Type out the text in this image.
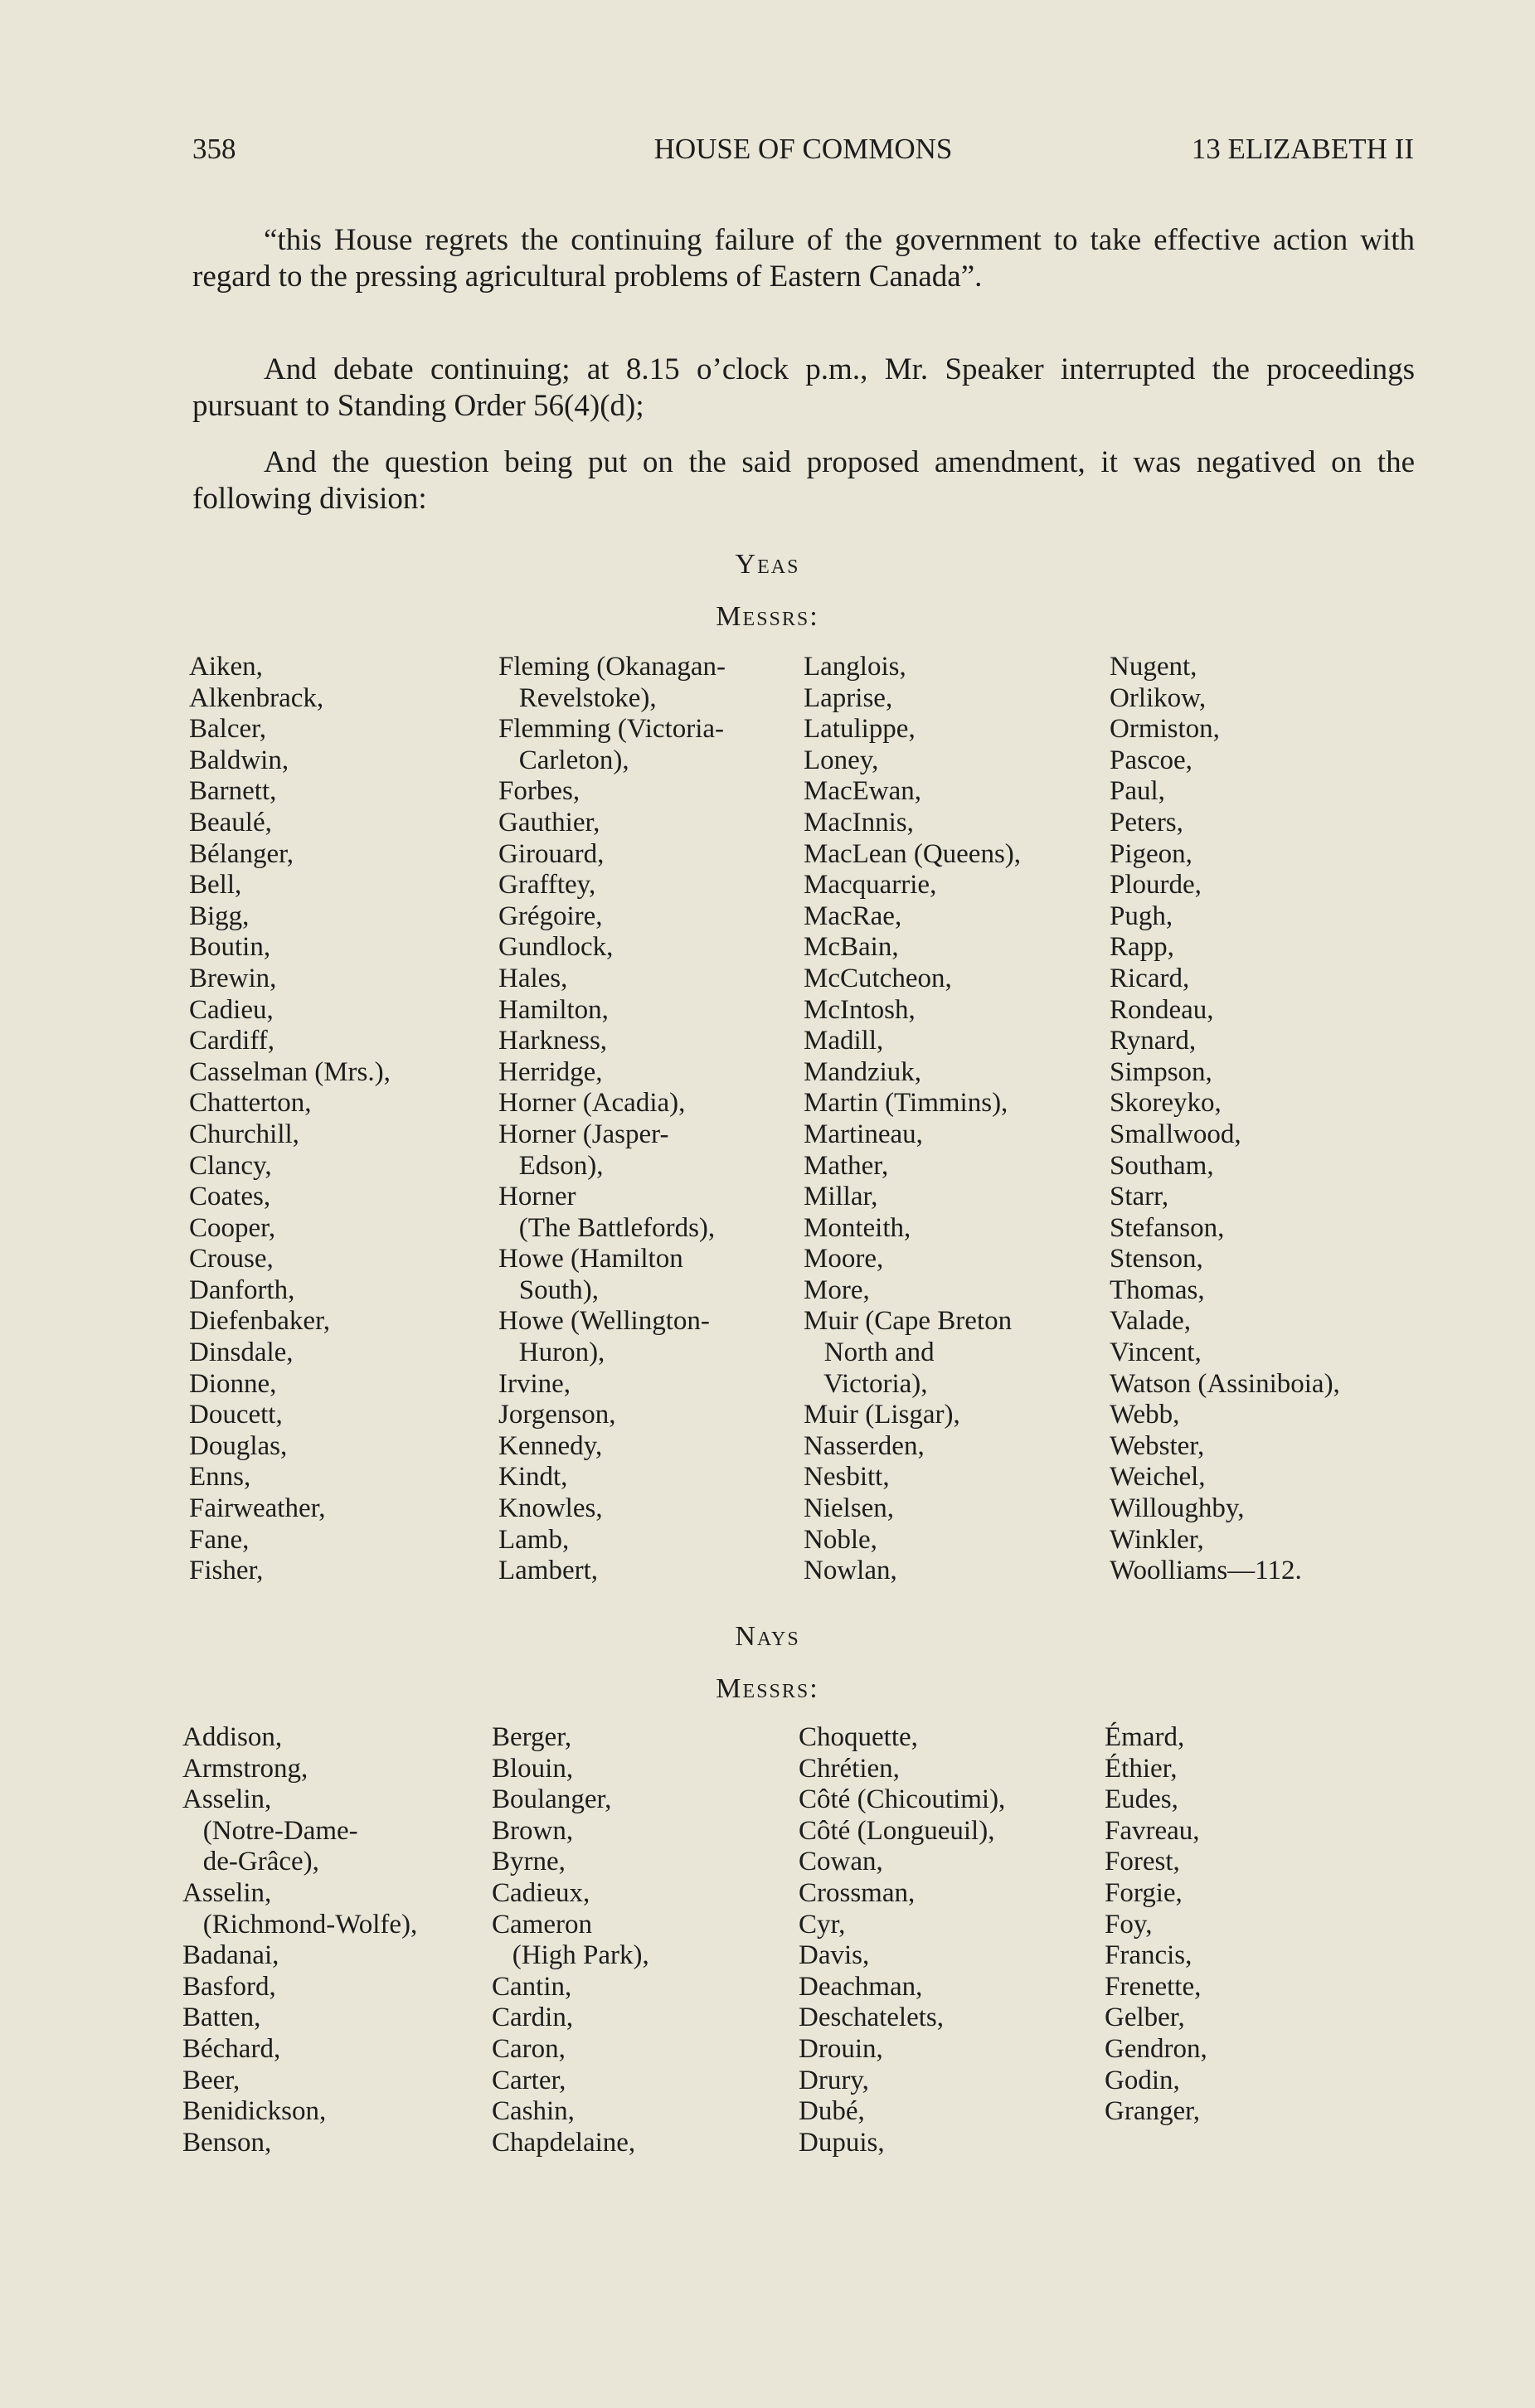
358	HOUSE OF COMMONS	13 ELIZABETH II

“this House regrets the continuing failure of the government to take effective action with regard to the pressing agricultural problems of Eastern Canada”.

And debate continuing; at 8.15 o’clock p.m., Mr. Speaker interrupted the proceedings pursuant to Standing Order 56(4)(d);

And the question being put on the said proposed amendment, it was negatived on the following division:

Yeas
Messrs:
Aiken,
Alkenbrack,
Balcer,
Baldwin,
Barnett,
Beaulé,
Bélanger,
Bell,
Bigg,
Boutin,
Brewin,
Cadieu,
Cardiff,
Casselman (Mrs.),
Chatterton,
Churchill,
Clancy,
Coates,
Cooper,
Crouse,
Danforth,
Diefenbaker,
Dinsdale,
Dionne,
Doucett,
Douglas,
Enns,
Fairweather,
Fane,
Fisher,
Fleming (Okanagan-
Revelstoke),
Flemming (Victoria-
Carleton),
Forbes,
Gauthier,
Girouard,
Grafftey,
Grégoire,
Gundlock,
Hales,
Hamilton,
Harkness,
Herridge,
Horner (Acadia),
Horner (Jasper-
Edson),
Horner
(The Battlefords),
Howe (Hamilton
South),
Howe (Wellington-
Huron),
Irvine,
Jorgenson,
Kennedy,
Kindt,
Knowles,
Lamb,
Lambert,
Langlois,
Laprise,
Latulippe,
Loney,
MacEwan,
MacInnis,
MacLean (Queens),
Macquarrie,
MacRae,
McBain,
McCutcheon,
McIntosh,
Madill,
Mandziuk,
Martin (Timmins),
Martineau,
Mather,
Millar,
Monteith,
Moore,
More,
Muir (Cape Breton
North and
Victoria),
Muir (Lisgar),
Nasserden,
Nesbitt,
Nielsen,
Noble,
Nowlan,
Nugent,
Orlikow,
Ormiston,
Pascoe,
Paul,
Peters,
Pigeon,
Plourde,
Pugh,
Rapp,
Ricard,
Rondeau,
Rynard,
Simpson,
Skoreyko,
Smallwood,
Southam,
Starr,
Stefanson,
Stenson,
Thomas,
Valade,
Vincent,
Watson (Assiniboia),
Webb,
Webster,
Weichel,
Willoughby,
Winkler,
Woolliams—112.
Nays
Messrs:
Addison,
Armstrong,
Asselin,
(Notre-Dame-
de-Grâce),
Asselin,
(Richmond-Wolfe),
Badanai,
Basford,
Batten,
Béchard,
Beer,
Benidickson,
Benson,
Berger,
Blouin,
Boulanger,
Brown,
Byrne,
Cadieux,
Cameron
(High Park),
Cantin,
Cardin,
Caron,
Carter,
Cashin,
Chapdelaine,
Choquette,
Chrétien,
Côté (Chicoutimi),
Côté (Longueuil),
Cowan,
Crossman,
Cyr,
Davis,
Deachman,
Deschatelets,
Drouin,
Drury,
Dubé,
Dupuis,
Émard,
Éthier,
Eudes,
Favreau,
Forest,
Forgie,
Foy,
Francis,
Frenette,
Gelber,
Gendron,
Godin,
Granger,
